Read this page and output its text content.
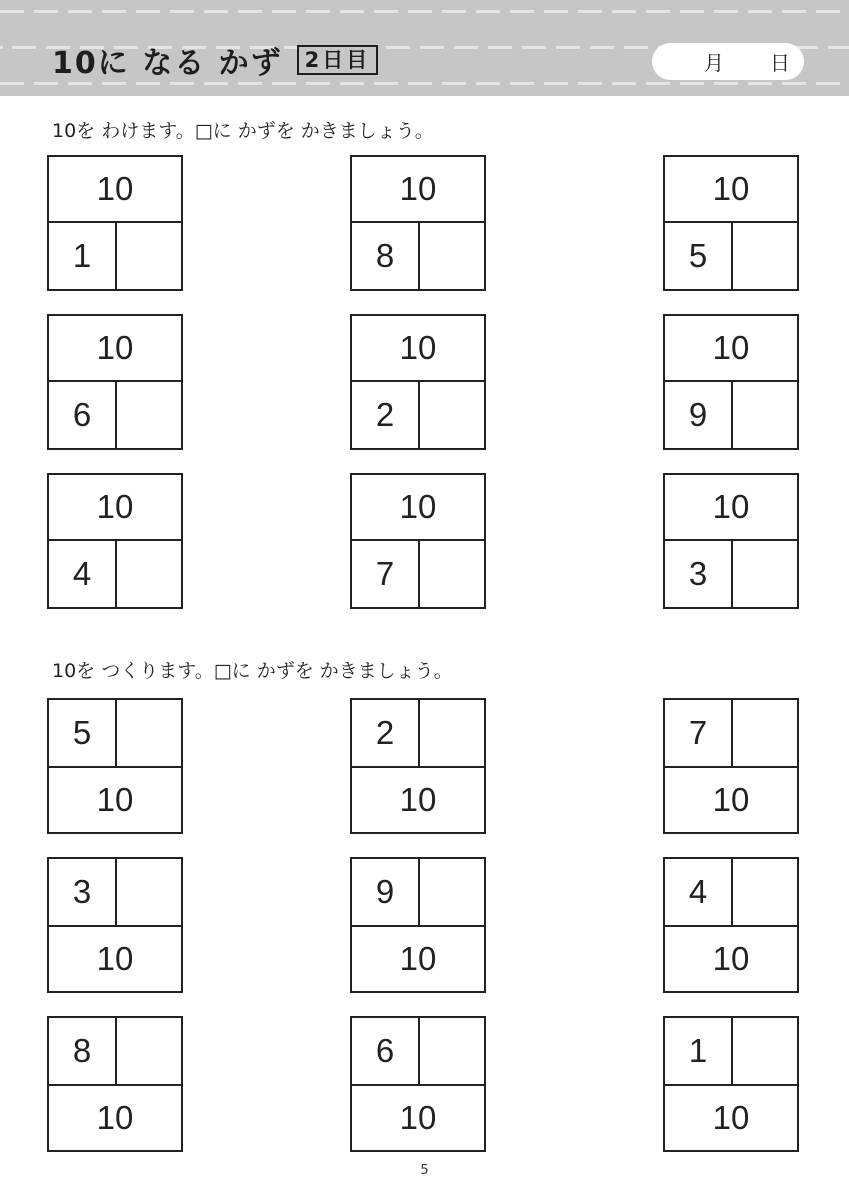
10に なる かず	2日目	月 日
10を わけます。□に かずを かきましょう。
10
1
10
8
10
5
10
6
10
2
10
9
10
4
10
7
10
3
10を つくります。□に かずを かきましょう。
5
10
2
10
7
10
3
10
9
10
4
10
8
10
6
10
1
10
5
